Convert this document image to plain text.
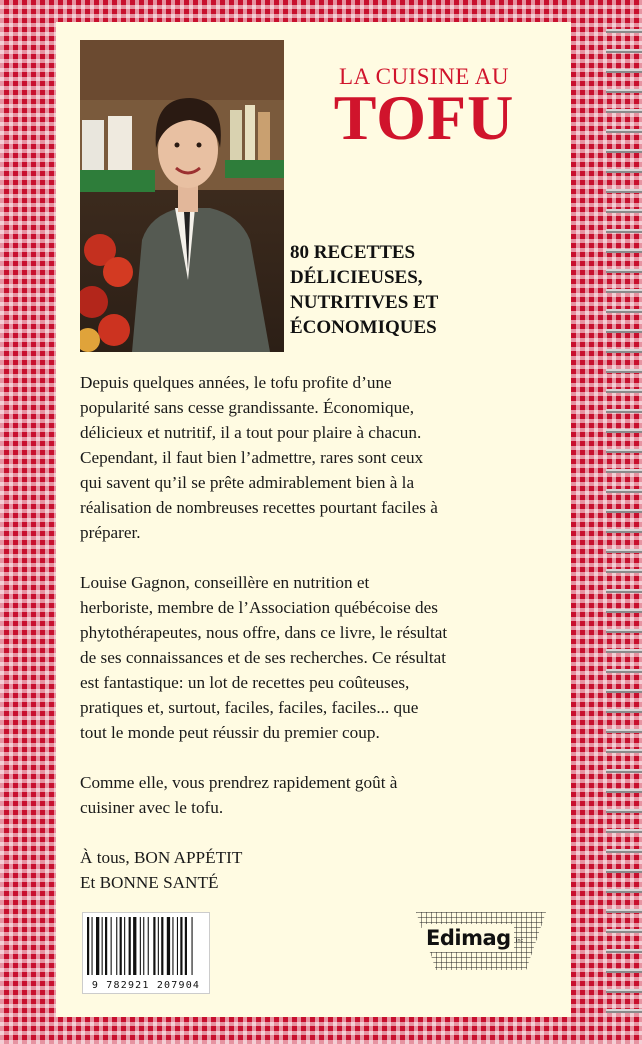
LA CUISINE AU
TOFU
80 RECETTES
DÉLICIEUSES,
NUTRITIVES ET
ÉCONOMIQUES
Depuis quelques années, le tofu profite d’une
popularité sans cesse grandissante. Économique,
délicieux et nutritif, il a tout pour plaire à chacun.
Cependant, il faut bien l’admettre, rares sont ceux
qui savent qu’il se prête admirablement bien à la
réalisation de nombreuses recettes pourtant faciles à
préparer.
Louise Gagnon, conseillère en nutrition et
herboriste, membre de l’Association québécoise des
phytothérapeutes, nous offre, dans ce livre, le résultat
de ses connaissances et de ses recherches. Ce résultat
est fantastique: un lot de recettes peu coûteuses,
pratiques et, surtout, faciles, faciles, faciles... que
tout le monde peut réussir du premier coup.
Comme elle, vous prendrez rapidement goût à
cuisiner avec le tofu.
À tous, BON APPÉTIT
Et BONNE SANTÉ
9 782921 207904
Edimag inc
